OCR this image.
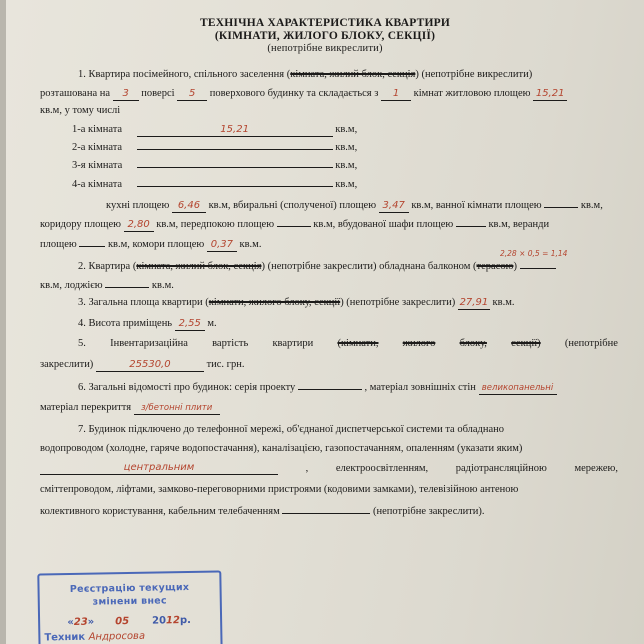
ТЕХНІЧНА ХАРАКТЕРИСТИКА КВАРТИРИ
(КІМНАТИ, ЖИЛОГО БЛОКУ, СЕКЦІЇ)
(непотрібне викреслити)
1. Квартира посімейного, спільного заселення (кімната, жилий блок, секція) (непотрібне викреслити)
розташована на 3 поверсі 5 поверхового будинку та складається з 1 кімнат житловою площею 15,21
кв.м, у тому числі
1-а кімната	15,21	кв.м,
2-а кімната	кв.м,
3-я кімната	кв.м,
4-а кімната	кв.м,
кухні площею 6,46 кв.м, вбиральні (сполученої) площею 3,47 кв.м, ванної кімнати площею	кв.м,
коридору площею 2,80 кв.м, передпокою площею	кв.м, вбудованої шафи площею	кв.м, веранди
площею	кв.м, комори площею 0,37 кв.м.
2,28 × 0,5 = 1,14
2. Квартира (кімната, жилий блок, секція) (непотрібне закреслити) обладнана балконом (терасою)
кв.м, лоджією	кв.м.
3. Загальна площа квартири (кімнати, жилого блоку, секції) (непотрібне закреслити) 27,91 кв.м.
4. Висота приміщень 2,55 м.
5. Інвентаризаційна вартість квартири (кімнати, жилого блоку, секції) (непотрібне
закреслити)	25530,0	тис. грн.
6. Загальні відомості про будинок: серія проекту	, матеріал зовнішніх стін великопанельні
матеріал перекриття з/бетонні плити
7. Будинок підключено до телефонної мережі, об'єднаної диспетчерської системи та обладнано
водопроводом (холодне, гаряче водопостачання), каналізацією, газопостачанням, опаленням (указати яким)
центральним	,	електроосвітленням,	радіотрансляційною	мережею,
сміттепроводом, ліфтами, замково-переговорними пристроями (кодовими замками), телевізійною антеною
колективного користування, кабельним телебаченням	(непотрібне закреслити).
Реєстрацію текущих
змінени внес
«23» 05 2012р.
Техник Андросова
